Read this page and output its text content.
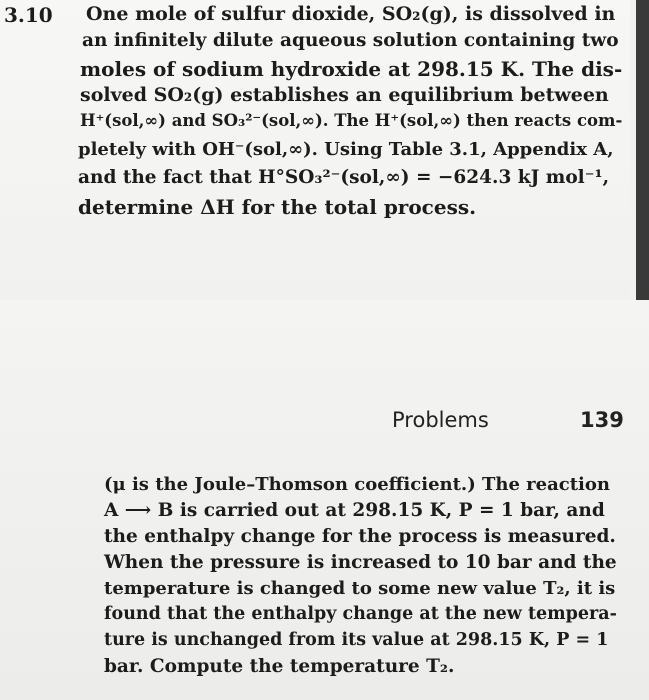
3.10 One mole of sulfur dioxide, SO₂(g), is dissolved in
an infinitely dilute aqueous solution containing two
moles of sodium hydroxide at 298.15 K. The dis-
solved SO₂(g) establishes an equilibrium between
H⁺(sol,∞) and SO₃²⁻(sol,∞). The H⁺(sol,∞) then reacts com-
pletely with OH⁻(sol,∞). Using Table 3.1, Appendix A,
and the fact that H°SO₃²⁻(sol,∞) = −624.3 kJ mol⁻¹,
determine ΔH for the total process.
Problems	139
(μ is the Joule–Thomson coefficient.) The reaction
A ⟶ B is carried out at 298.15 K, P = 1 bar, and
the enthalpy change for the process is measured.
When the pressure is increased to 10 bar and the
temperature is changed to some new value T₂, it is
found that the enthalpy change at the new tempera-
ture is unchanged from its value at 298.15 K, P = 1
bar. Compute the temperature T₂.
